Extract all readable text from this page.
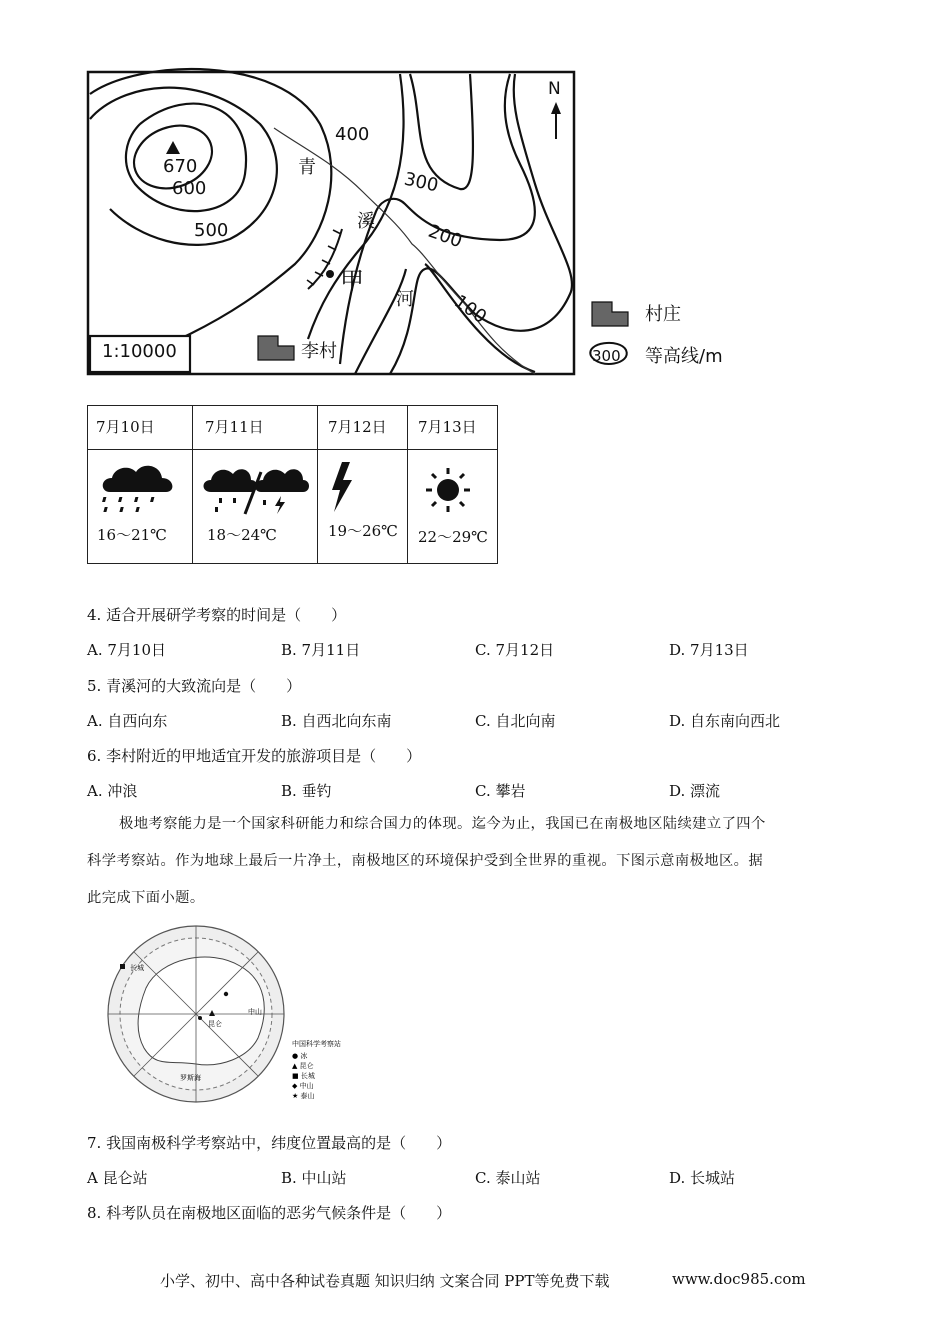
400
300
200
100
500
600
670	青
溪
河
甲
N
1:10000	李村
村庄
300 等高线/m
7月10日	7月11日	7月12日	7月13日

16～21℃	18～24℃	19～26℃	22～29℃
4. 适合开展研学考察的时间是（　　）
A. 7月10日	B. 7月11日	C. 7月12日	D. 7月13日
5. 青溪河的大致流向是（　　）
A. 自西向东	B. 自西北向东南	C. 自北向南	D. 自东南向西北
6. 李村附近的甲地适宜开发的旅游项目是（　　）
A. 冲浪	B. 垂钓	C. 攀岩	D. 漂流
极地考察能力是一个国家科研能力和综合国力的体现。迄今为止，我国已在南极地区陆续建立了四个
科学考察站。作为地球上最后一片净土，南极地区的环境保护受到全世界的重视。下图示意南极地区。据
此完成下面小题。
长城
昆仑
中山
罗斯海
中国科学考察站
● 冰
▲ 昆仑
■ 长城
◆ 中山
★ 泰山
7. 我国南极科学考察站中，纬度位置最高的是（　　）
A 昆仑站	B. 中山站	C. 泰山站	D. 长城站
8. 科考队员在南极地区面临的恶劣气候条件是（　　）
小学、初中、高中各种试卷真题 知识归纳 文案合同 PPT等免费下载	www.doc985.com
